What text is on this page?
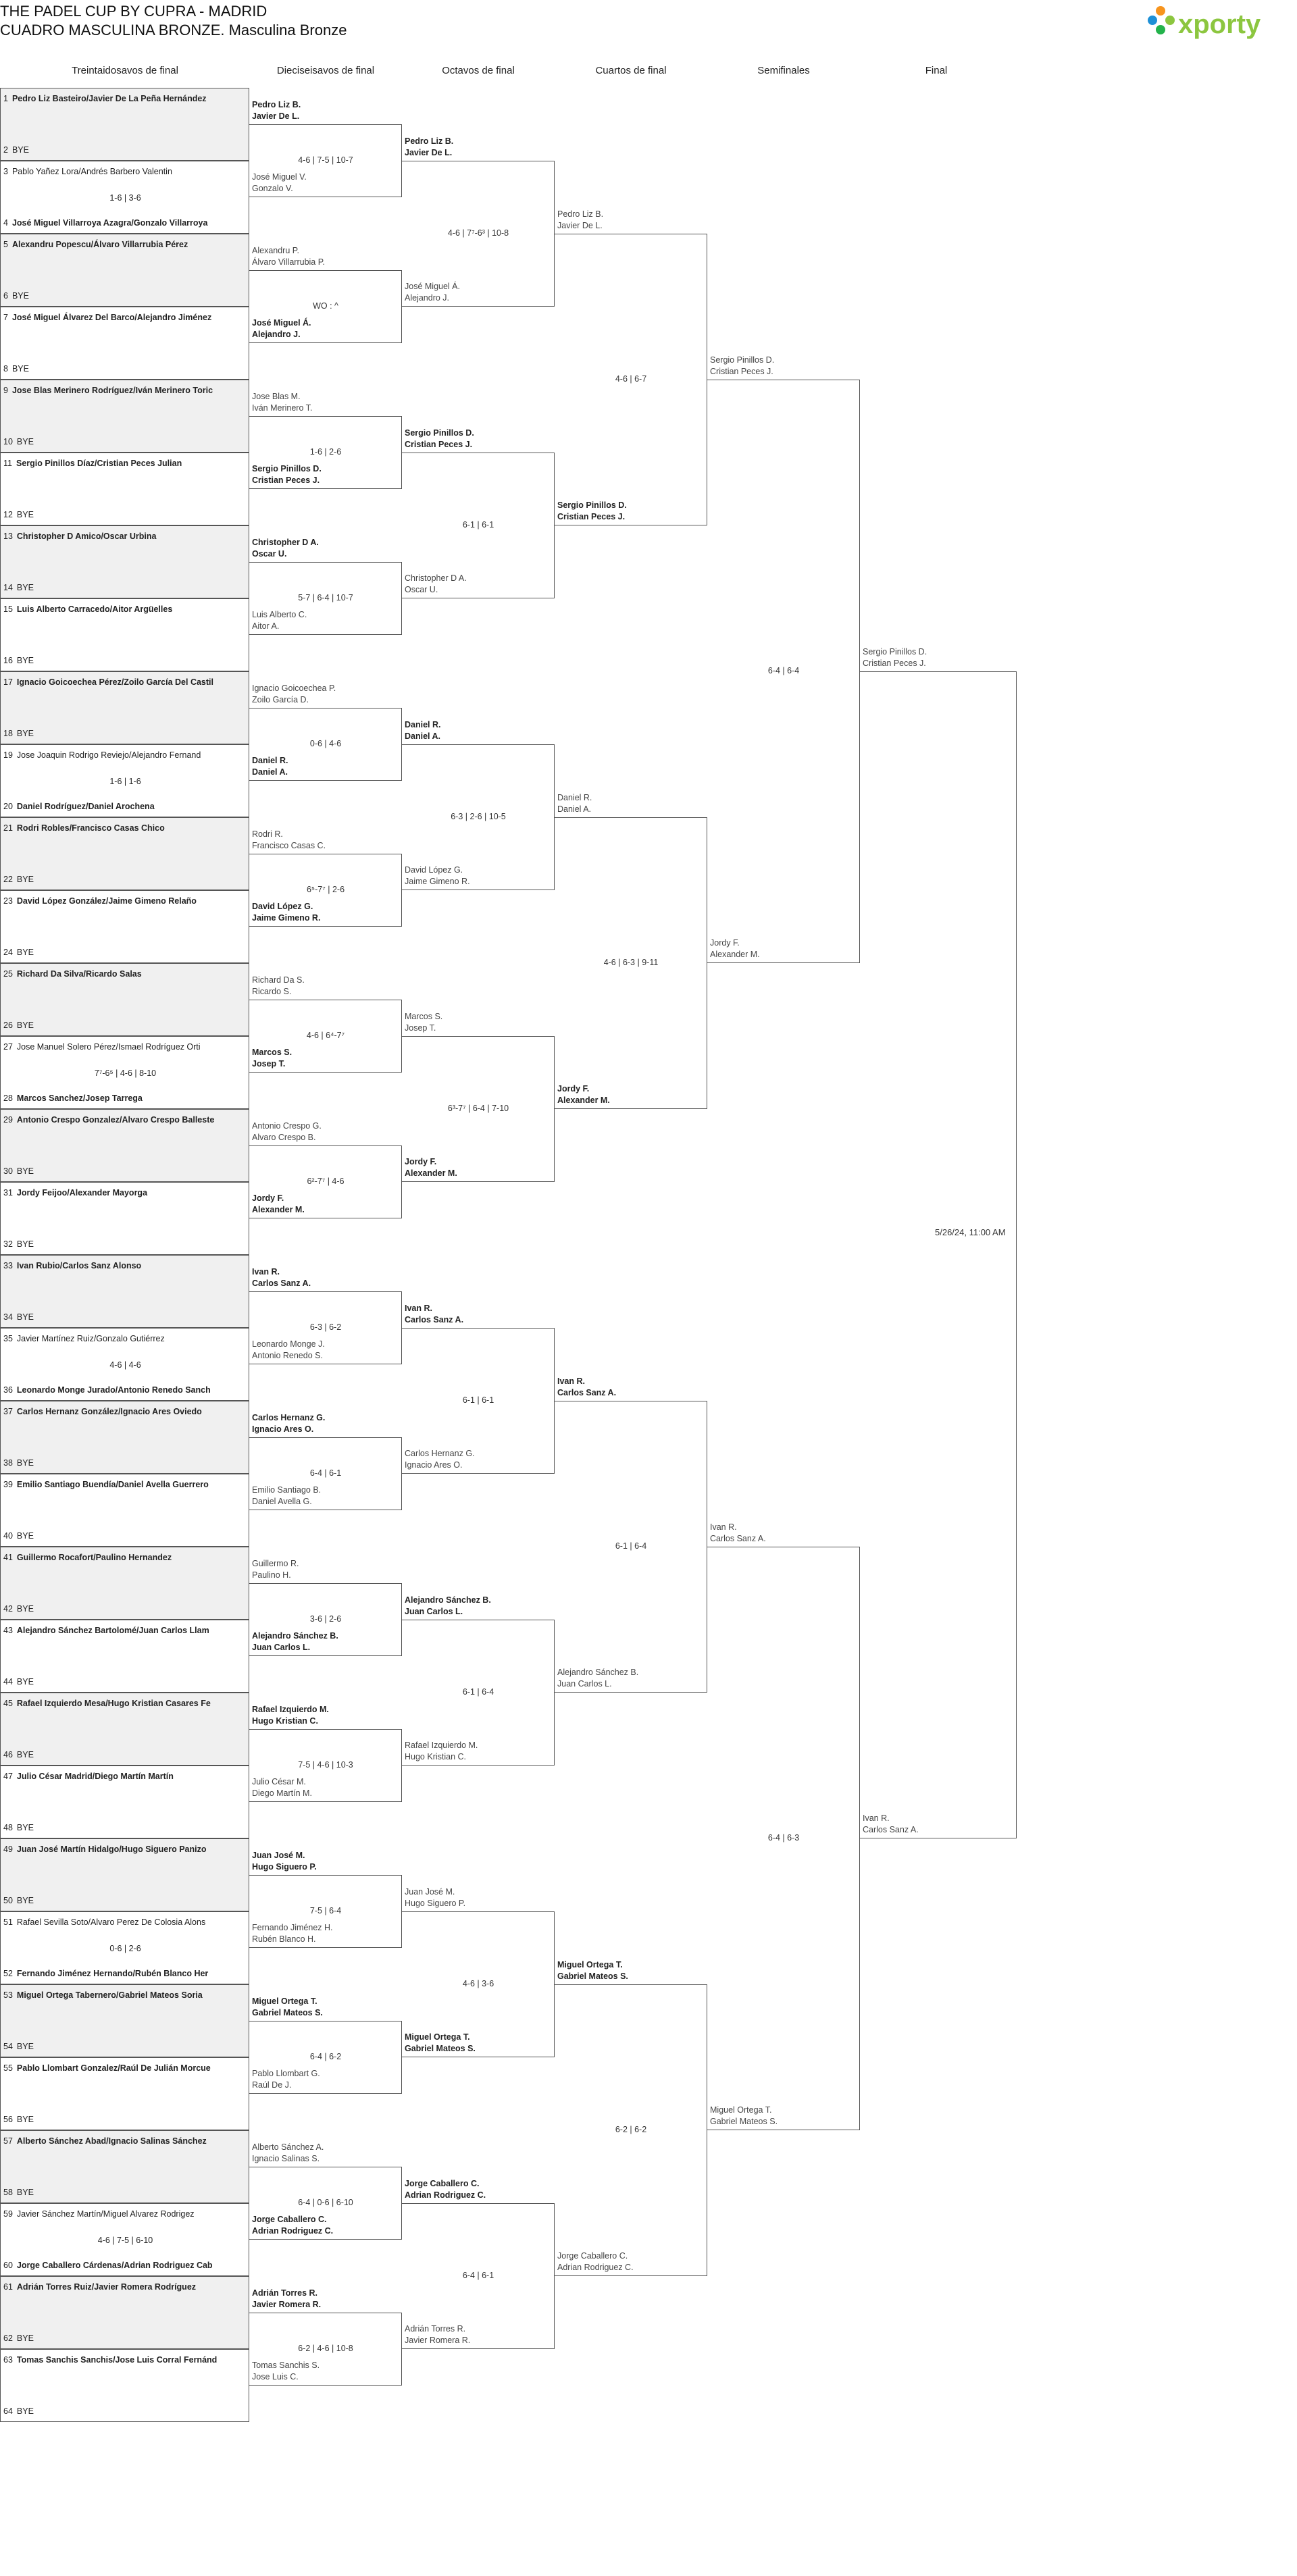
THE PADEL CUP BY CUPRA - MADRID
CUADRO MASCULINA BRONZE. Masculina Bronze	xporty
Treintaidosavos de final	Dieciseisavos de final	Octavos de final	Cuartos de final	Semifinales	Final
1 Pedro Liz Basteiro/Javier De La Peña Hernández
2 BYE
3 Pablo Yañez Lora/Andrés Barbero Valentin
1-6 | 3-6
4 José Miguel Villarroya Azagra/Gonzalo Villarroya
5 Alexandru Popescu/Álvaro Villarrubia Pérez
6 BYE
7 José Miguel Álvarez Del Barco/Alejandro Jiménez
8 BYE
9 Jose Blas Merinero Rodríguez/Iván Merinero Toric
10 BYE
11 Sergio Pinillos Díaz/Cristian Peces Julian
12 BYE
13 Christopher D Amico/Oscar Urbina
14 BYE
15 Luis Alberto Carracedo/Aitor Argüelles
16 BYE
17 Ignacio Goicoechea Pérez/Zoilo García Del Castil
18 BYE
19 Jose Joaquin Rodrigo Reviejo/Alejandro Fernand
1-6 | 1-6
20 Daniel Rodríguez/Daniel Arochena
21 Rodri Robles/Francisco Casas Chico
22 BYE
23 David López González/Jaime Gimeno Relaño
24 BYE
25 Richard Da Silva/Ricardo Salas
26 BYE
27 Jose Manuel Solero Pérez/Ismael Rodríguez Orti
7⁷-6⁵ | 4-6 | 8-10
28 Marcos Sanchez/Josep Tarrega
29 Antonio Crespo Gonzalez/Alvaro Crespo Balleste
30 BYE
31 Jordy Feijoo/Alexander Mayorga
32 BYE
33 Ivan Rubio/Carlos Sanz Alonso
34 BYE
35 Javier Martínez Ruiz/Gonzalo Gutiérrez
4-6 | 4-6
36 Leonardo Monge Jurado/Antonio Renedo Sanch
37 Carlos Hernanz González/Ignacio Ares Oviedo
38 BYE
39 Emilio Santiago Buendía/Daniel Avella Guerrero
40 BYE
41 Guillermo Rocafort/Paulino Hernandez
42 BYE
43 Alejandro Sánchez Bartolomé/Juan Carlos Llam
44 BYE
45 Rafael Izquierdo Mesa/Hugo Kristian Casares Fe
46 BYE
47 Julio César Madrid/Diego Martín Martín
48 BYE
49 Juan José Martín Hidalgo/Hugo Siguero Panizo
50 BYE
51 Rafael Sevilla Soto/Alvaro Perez De Colosia Alons
0-6 | 2-6
52 Fernando Jiménez Hernando/Rubén Blanco Her
53 Miguel Ortega Tabernero/Gabriel Mateos Soria
54 BYE
55 Pablo Llombart Gonzalez/Raúl De Julián Morcue
56 BYE
57 Alberto Sánchez Abad/Ignacio Salinas Sánchez
58 BYE
59 Javier Sánchez Martín/Miguel Alvarez Rodrigez
4-6 | 7-5 | 6-10
60 Jorge Caballero Cárdenas/Adrian Rodriguez Cab
61 Adrián Torres Ruiz/Javier Romera Rodríguez
62 BYE
63 Tomas Sanchis Sanchis/Jose Luis Corral Fernánd
64 BYE
Pedro Liz B.
Javier De L.
José Miguel V.
Gonzalo V.
4-6 | 7-5 | 10-7
Alexandru P.
Álvaro Villarrubia P.
José Miguel Á.
Alejandro J.
WO : ^
Jose Blas M.
Iván Merinero T.
Sergio Pinillos D.
Cristian Peces J.
1-6 | 2-6
Christopher D A.
Oscar U.
Luis Alberto C.
Aitor A.
5-7 | 6-4 | 10-7
Ignacio Goicoechea P.
Zoilo García D.
Daniel R.
Daniel A.
0-6 | 4-6
Rodri R.
Francisco Casas C.
David López G.
Jaime Gimeno R.
6⁵-7⁷ | 2-6
Richard Da S.
Ricardo S.
Marcos S.
Josep T.
4-6 | 6⁴-7⁷
Antonio Crespo G.
Alvaro Crespo B.
Jordy F.
Alexander M.
6²-7⁷ | 4-6
Ivan R.
Carlos Sanz A.
Leonardo Monge J.
Antonio Renedo S.
6-3 | 6-2
Carlos Hernanz G.
Ignacio Ares O.
Emilio Santiago B.
Daniel Avella G.
6-4 | 6-1
Guillermo R.
Paulino H.
Alejandro Sánchez B.
Juan Carlos L.
3-6 | 2-6
Rafael Izquierdo M.
Hugo Kristian C.
Julio César M.
Diego Martín M.
7-5 | 4-6 | 10-3
Juan José M.
Hugo Siguero P.
Fernando Jiménez H.
Rubén Blanco H.
7-5 | 6-4
Miguel Ortega T.
Gabriel Mateos S.
Pablo Llombart G.
Raúl De J.
6-4 | 6-2
Alberto Sánchez A.
Ignacio Salinas S.
Jorge Caballero C.
Adrian Rodriguez C.
6-4 | 0-6 | 6-10
Adrián Torres R.
Javier Romera R.
Tomas Sanchis S.
Jose Luis C.
6-2 | 4-6 | 10-8
Pedro Liz B.
Javier De L.
José Miguel Á.
Alejandro J.
4-6 | 7⁷-6³ | 10-8
Sergio Pinillos D.
Cristian Peces J.
Christopher D A.
Oscar U.
6-1 | 6-1
Daniel R.
Daniel A.
David López G.
Jaime Gimeno R.
6-3 | 2-6 | 10-5
Marcos S.
Josep T.
Jordy F.
Alexander M.
6³-7⁷ | 6-4 | 7-10
Ivan R.
Carlos Sanz A.
Carlos Hernanz G.
Ignacio Ares O.
6-1 | 6-1
Alejandro Sánchez B.
Juan Carlos L.
Rafael Izquierdo M.
Hugo Kristian C.
6-1 | 6-4
Juan José M.
Hugo Siguero P.
Miguel Ortega T.
Gabriel Mateos S.
4-6 | 3-6
Jorge Caballero C.
Adrian Rodriguez C.
Adrián Torres R.
Javier Romera R.
6-4 | 6-1
Pedro Liz B.
Javier De L.
Sergio Pinillos D.
Cristian Peces J.
4-6 | 6-7
Daniel R.
Daniel A.
Jordy F.
Alexander M.
4-6 | 6-3 | 9-11
Ivan R.
Carlos Sanz A.
Alejandro Sánchez B.
Juan Carlos L.
6-1 | 6-4
Miguel Ortega T.
Gabriel Mateos S.
Jorge Caballero C.
Adrian Rodriguez C.
6-2 | 6-2
Sergio Pinillos D.
Cristian Peces J.
Jordy F.
Alexander M.
6-4 | 6-4
Ivan R.
Carlos Sanz A.
Miguel Ortega T.
Gabriel Mateos S.
6-4 | 6-3
Sergio Pinillos D.
Cristian Peces J.
Ivan R.
Carlos Sanz A.
5/26/24, 11:00 AM
